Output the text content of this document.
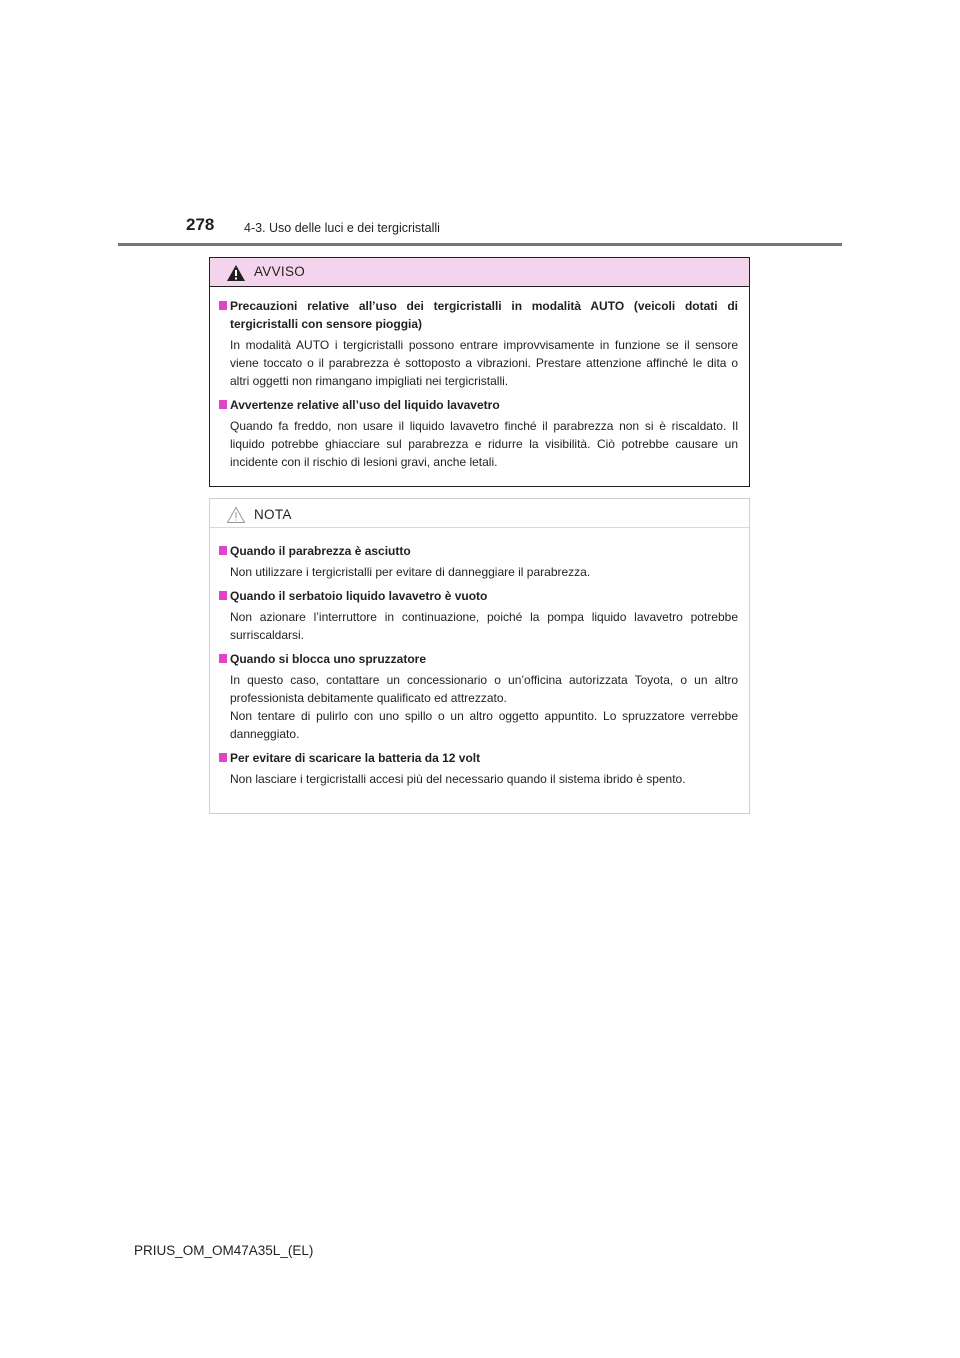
278 4-3. Uso delle luci e dei tergicristalli
AVVISO
Precauzioni relative all’uso dei tergicristalli in modalità AUTO (veicoli dotati di tergicristalli con sensore pioggia)

In modalità AUTO i tergicristalli possono entrare improvvisamente in funzione se il sensore viene toccato o il parabrezza è sottoposto a vibrazioni. Prestare attenzione affinché le dita o altri oggetti non rimangano impigliati nei tergicristalli.

Avvertenze relative all’uso del liquido lavavetro

Quando fa freddo, non usare il liquido lavavetro finché il parabrezza non si è riscaldato. Il liquido potrebbe ghiacciare sul parabrezza e ridurre la visibilità. Ciò potrebbe causare un incidente con il rischio di lesioni gravi, anche letali.

NOTA
Quando il parabrezza è asciutto

Non utilizzare i tergicristalli per evitare di danneggiare il parabrezza.

Quando il serbatoio liquido lavavetro è vuoto

Non azionare l’interruttore in continuazione, poiché la pompa liquido lavavetro potrebbe surriscaldarsi.

Quando si blocca uno spruzzatore

In questo caso, contattare un concessionario o un’officina autorizzata Toyota, o un altro professionista debitamente qualificato ed attrezzato.

Non tentare di pulirlo con uno spillo o un altro oggetto appuntito. Lo spruzzatore verrebbe danneggiato.

Per evitare di scaricare la batteria da 12 volt

Non lasciare i tergicristalli accesi più del necessario quando il sistema ibrido è spento.

PRIUS_OM_OM47A35L_(EL)
